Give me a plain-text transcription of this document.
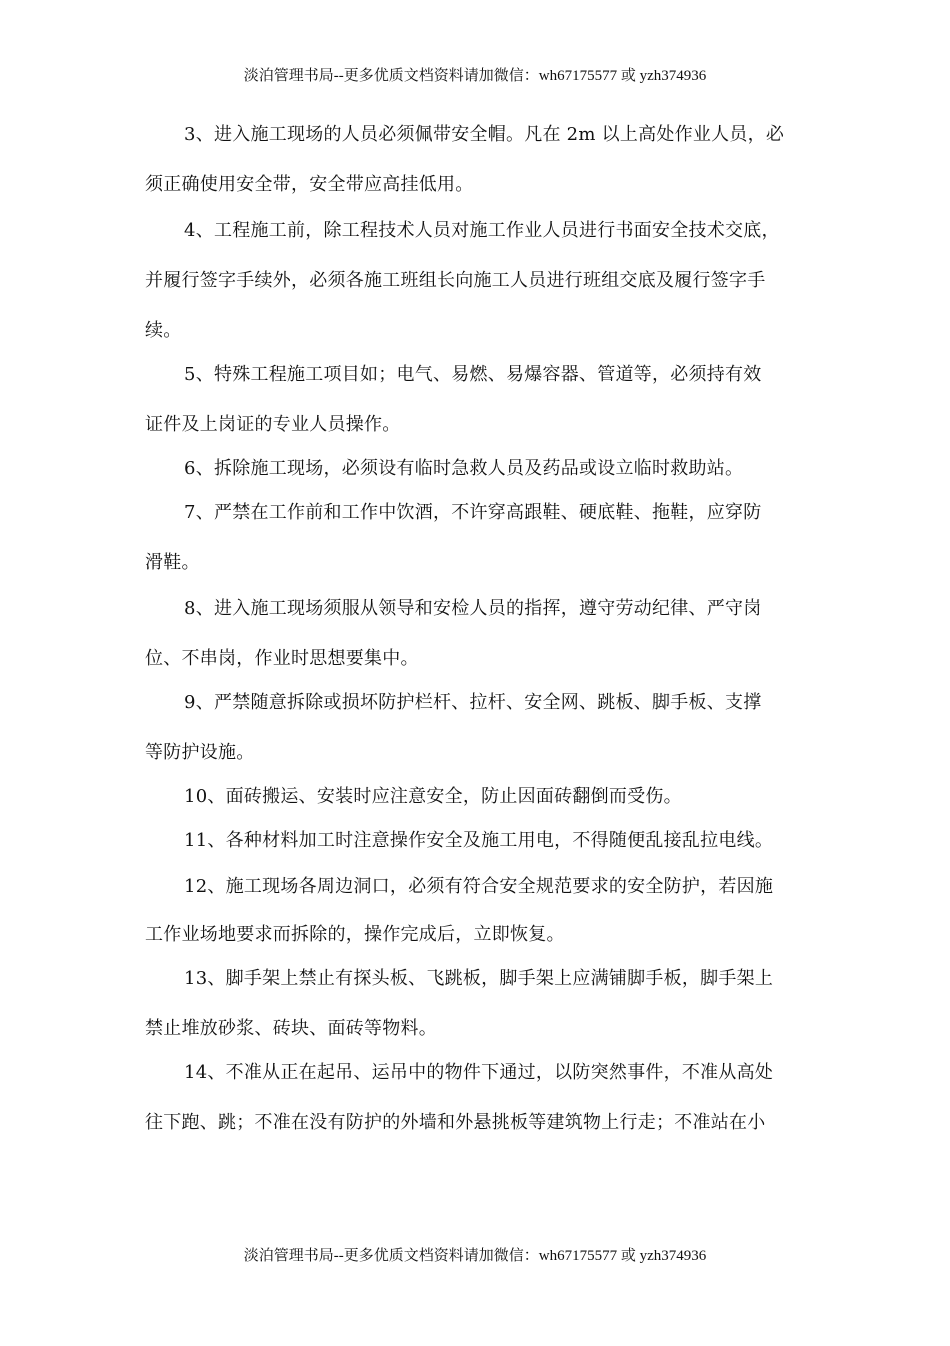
淡泊管理书局--更多优质文档资料请加微信：wh67175577 或 yzh374936
3、进入施工现场的人员必须佩带安全帽。凡在 2m 以上高处作业人员，必
须正确使用安全带，安全带应高挂低用。
4、工程施工前，除工程技术人员对施工作业人员进行书面安全技术交底，
并履行签字手续外，必须各施工班组长向施工人员进行班组交底及履行签字手
续。
5、特殊工程施工项目如；电气、易燃、易爆容器、管道等，必须持有效
证件及上岗证的专业人员操作。
6、拆除施工现场，必须设有临时急救人员及药品或设立临时救助站。
7、严禁在工作前和工作中饮酒，不许穿高跟鞋、硬底鞋、拖鞋，应穿防
滑鞋。
8、进入施工现场须服从领导和安检人员的指挥，遵守劳动纪律、严守岗
位、不串岗，作业时思想要集中。
9、严禁随意拆除或损坏防护栏杆、拉杆、安全网、跳板、脚手板、支撑
等防护设施。
10、面砖搬运、安装时应注意安全，防止因面砖翻倒而受伤。
11、各种材料加工时注意操作安全及施工用电，不得随便乱接乱拉电线。
12、施工现场各周边洞口，必须有符合安全规范要求的安全防护，若因施
工作业场地要求而拆除的，操作完成后，立即恢复。
13、脚手架上禁止有探头板、飞跳板，脚手架上应满铺脚手板，脚手架上
禁止堆放砂浆、砖块、面砖等物料。
14、不准从正在起吊、运吊中的物件下通过，以防突然事件，不准从高处
往下跑、跳；不准在没有防护的外墙和外悬挑板等建筑物上行走；不准站在小
淡泊管理书局--更多优质文档资料请加微信：wh67175577 或 yzh374936
